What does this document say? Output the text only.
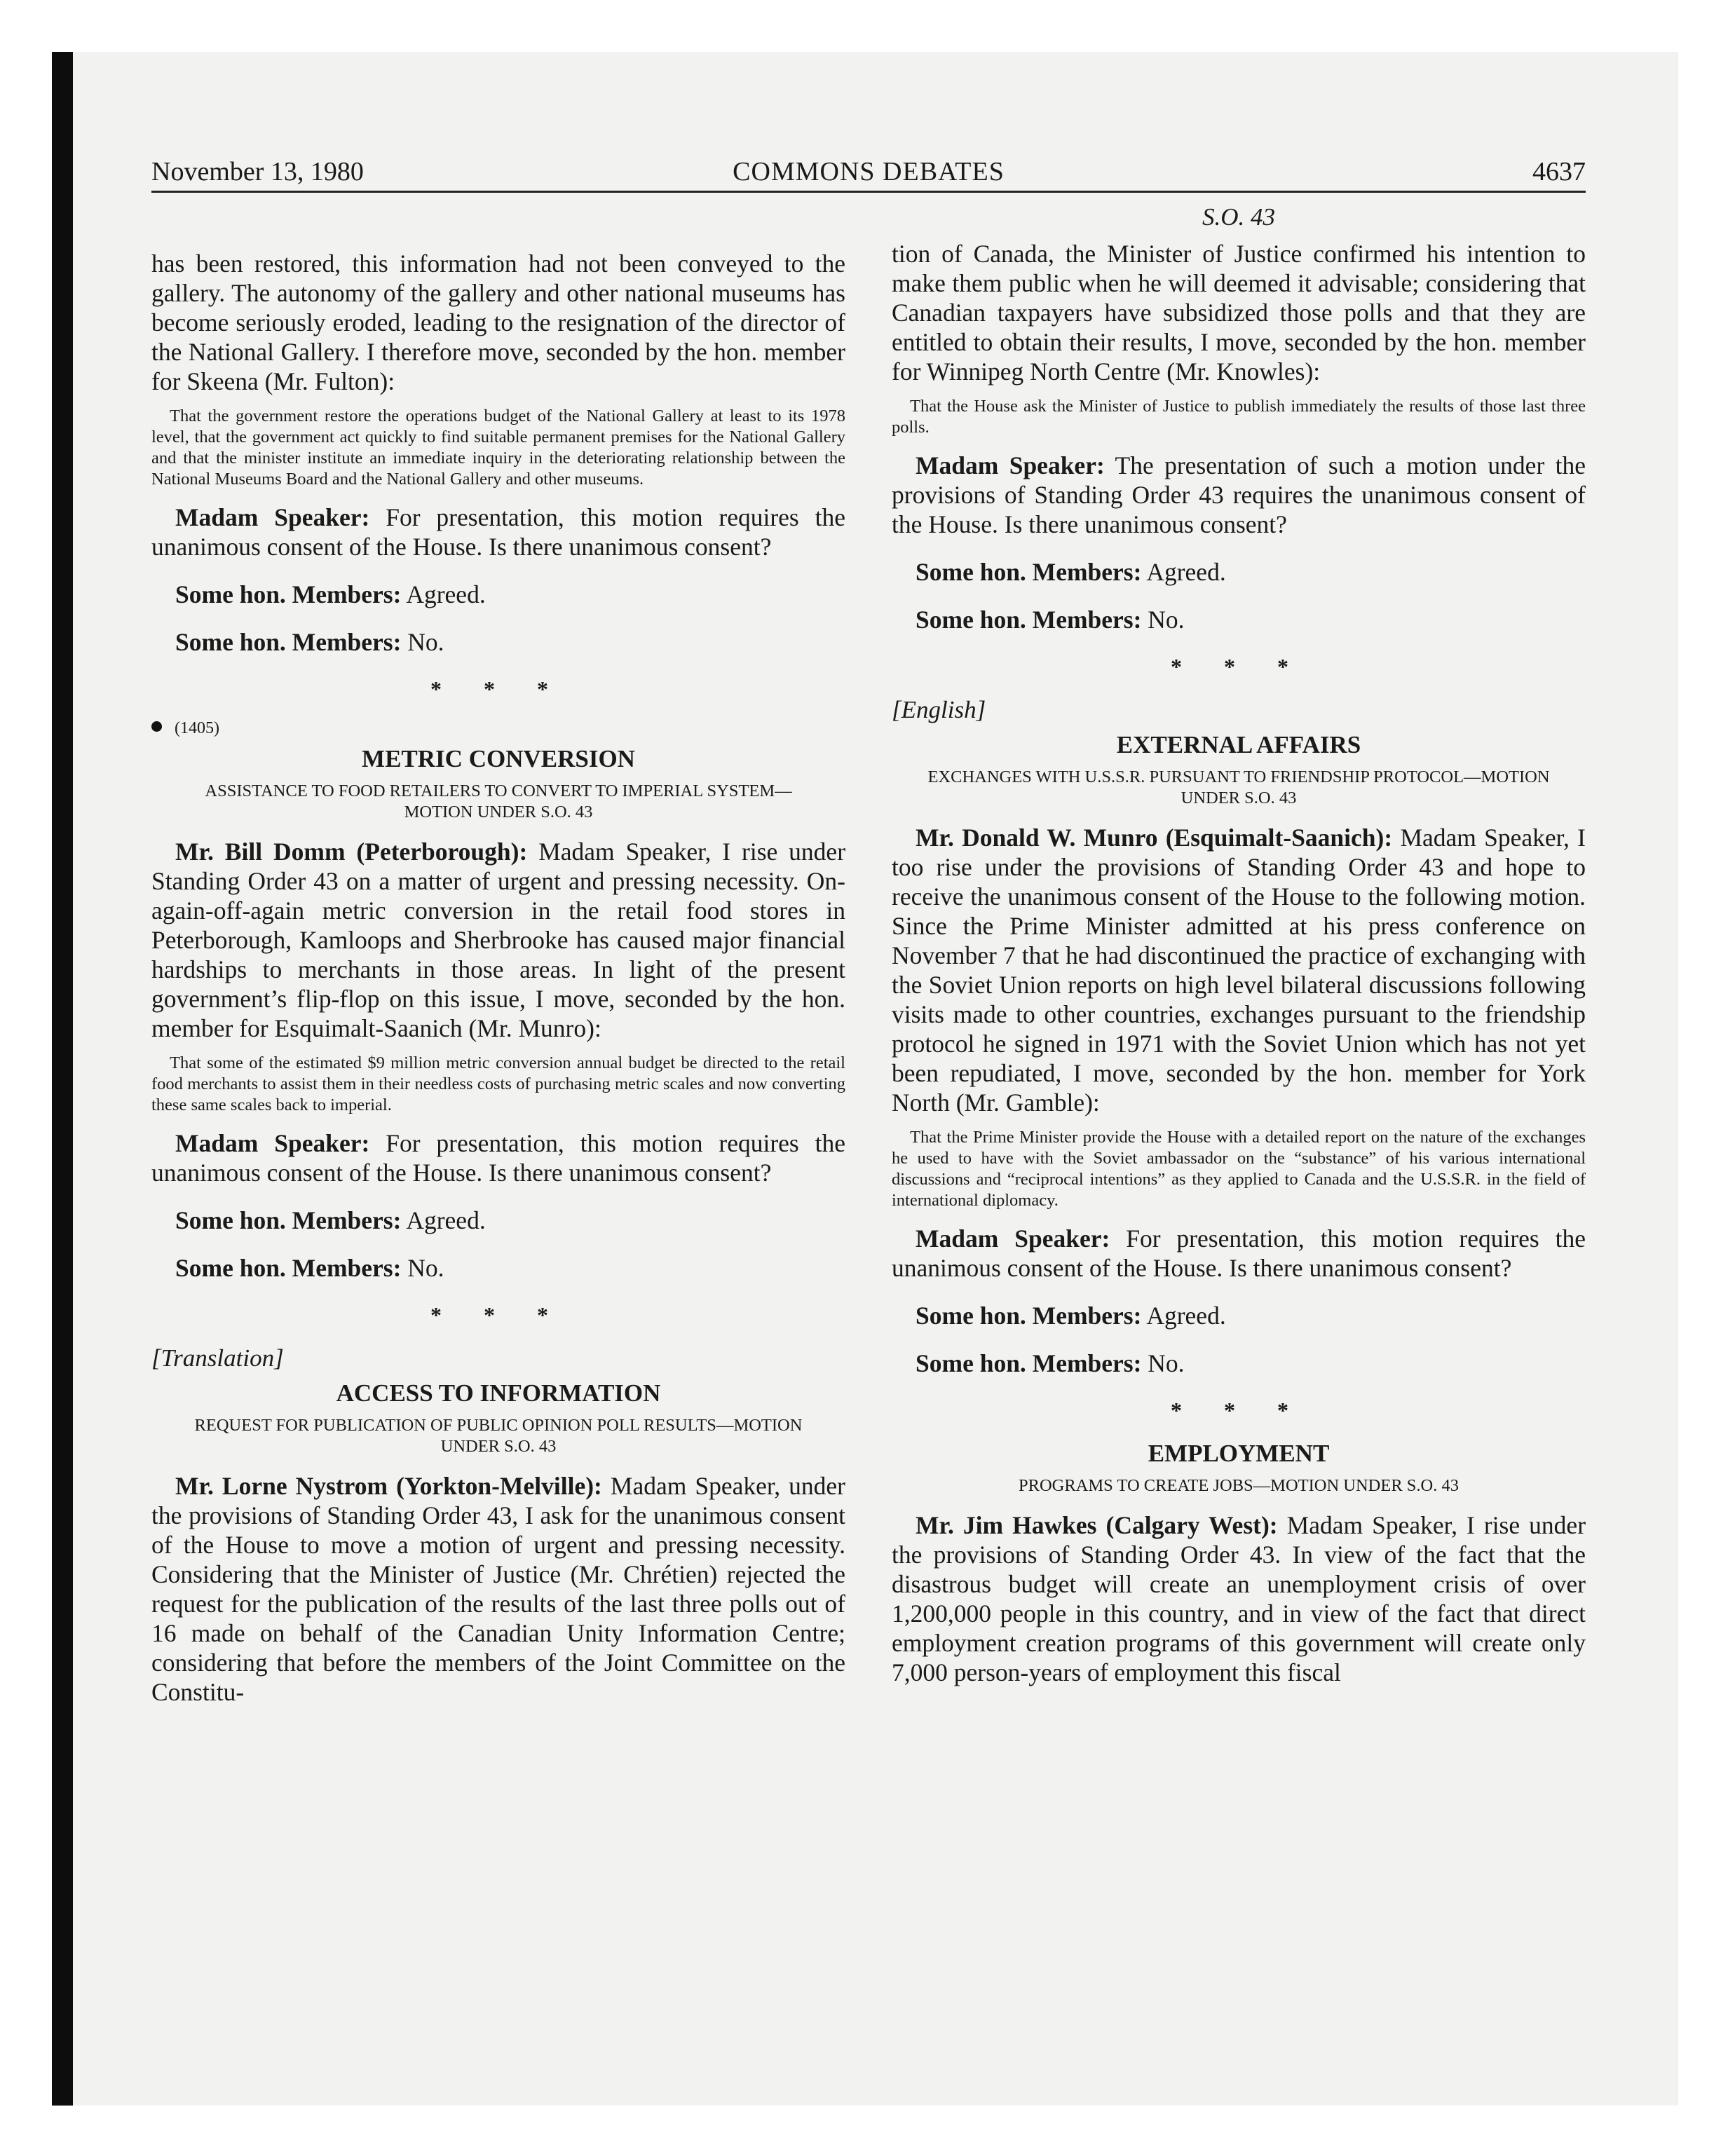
November 13, 1980	COMMONS DEBATES	4637

has been restored, this information had not been conveyed to the gallery. The autonomy of the gallery and other national museums has become seriously eroded, leading to the resignation of the director of the National Gallery. I therefore move, seconded by the hon. member for Skeena (Mr. Fulton):

That the government restore the operations budget of the National Gallery at least to its 1978 level, that the government act quickly to find suitable permanent premises for the National Gallery and that the minister institute an immediate inquiry in the deteriorating relationship between the National Museums Board and the National Gallery and other museums.

Madam Speaker: For presentation, this motion requires the unanimous consent of the House. Is there unanimous consent?

Some hon. Members: Agreed.

Some hon. Members: No.

* * *
(1405)
METRIC CONVERSION
ASSISTANCE TO FOOD RETAILERS TO CONVERT TO IMPERIAL SYSTEM—MOTION UNDER S.O. 43

Mr. Bill Domm (Peterborough): Madam Speaker, I rise under Standing Order 43 on a matter of urgent and pressing necessity. On-again-off-again metric conversion in the retail food stores in Peterborough, Kamloops and Sherbrooke has caused major financial hardships to merchants in those areas. In light of the present government’s flip-flop on this issue, I move, seconded by the hon. member for Esquimalt-Saanich (Mr. Munro):

That some of the estimated $9 million metric conversion annual budget be directed to the retail food merchants to assist them in their needless costs of purchasing metric scales and now converting these same scales back to imperial.

Madam Speaker: For presentation, this motion requires the unanimous consent of the House. Is there unanimous consent?

Some hon. Members: Agreed.

Some hon. Members: No.

* * *
[Translation]
ACCESS TO INFORMATION
REQUEST FOR PUBLICATION OF PUBLIC OPINION POLL RESULTS—MOTION UNDER S.O. 43

Mr. Lorne Nystrom (Yorkton-Melville): Madam Speaker, under the provisions of Standing Order 43, I ask for the unanimous consent of the House to move a motion of urgent and pressing necessity. Considering that the Minister of Justice (Mr. Chrétien) rejected the request for the publication of the results of the last three polls out of 16 made on behalf of the Canadian Unity Information Centre; considering that before the members of the Joint Committee on the Constitu-

S.O. 43

tion of Canada, the Minister of Justice confirmed his intention to make them public when he will deemed it advisable; considering that Canadian taxpayers have subsidized those polls and that they are entitled to obtain their results, I move, seconded by the hon. member for Winnipeg North Centre (Mr. Knowles):

That the House ask the Minister of Justice to publish immediately the results of those last three polls.

Madam Speaker: The presentation of such a motion under the provisions of Standing Order 43 requires the unanimous consent of the House. Is there unanimous consent?

Some hon. Members: Agreed.

Some hon. Members: No.

* * *
[English]
EXTERNAL AFFAIRS
EXCHANGES WITH U.S.S.R. PURSUANT TO FRIENDSHIP PROTOCOL—MOTION UNDER S.O. 43

Mr. Donald W. Munro (Esquimalt-Saanich): Madam Speaker, I too rise under the provisions of Standing Order 43 and hope to receive the unanimous consent of the House to the following motion. Since the Prime Minister admitted at his press conference on November 7 that he had discontinued the practice of exchanging with the Soviet Union reports on high level bilateral discussions following visits made to other countries, exchanges pursuant to the friendship protocol he signed in 1971 with the Soviet Union which has not yet been repudiated, I move, seconded by the hon. member for York North (Mr. Gamble):

That the Prime Minister provide the House with a detailed report on the nature of the exchanges he used to have with the Soviet ambassador on the “substance” of his various international discussions and “reciprocal intentions” as they applied to Canada and the U.S.S.R. in the field of international diplomacy.

Madam Speaker: For presentation, this motion requires the unanimous consent of the House. Is there unanimous consent?

Some hon. Members: Agreed.

Some hon. Members: No.

* * *
EMPLOYMENT
PROGRAMS TO CREATE JOBS—MOTION UNDER S.O. 43

Mr. Jim Hawkes (Calgary West): Madam Speaker, I rise under the provisions of Standing Order 43. In view of the fact that the disastrous budget will create an unemployment crisis of over 1,200,000 people in this country, and in view of the fact that direct employment creation programs of this government will create only 7,000 person-years of employment this fiscal
